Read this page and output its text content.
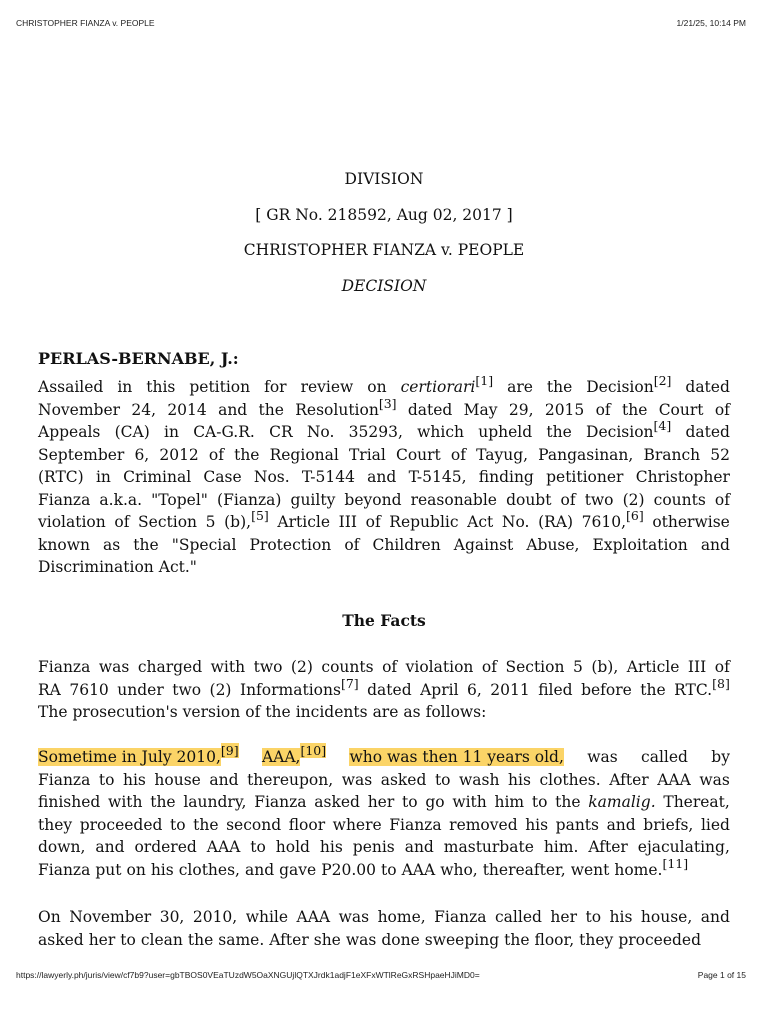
CHRISTOPHER FIANZA v. PEOPLE	1/21/25, 10:14 PM
DIVISION
[ GR No. 218592, Aug 02, 2017 ]
CHRISTOPHER FIANZA v. PEOPLE
DECISION
PERLAS-BERNABE, J.:
Assailed in this petition for review on certiorari[1] are the Decision[2] dated
November 24, 2014 and the Resolution[3] dated May 29, 2015 of the Court of
Appeals (CA) in CA-G.R. CR No. 35293, which upheld the Decision[4] dated
September 6, 2012 of the Regional Trial Court of Tayug, Pangasinan, Branch 52
(RTC) in Criminal Case Nos. T-5144 and T-5145, finding petitioner Christopher
Fianza a.k.a. "Topel" (Fianza) guilty beyond reasonable doubt of two (2) counts of
violation of Section 5 (b),[5] Article III of Republic Act No. (RA) 7610,[6] otherwise
known as the "Special Protection of Children Against Abuse, Exploitation and
Discrimination Act."
The Facts
Fianza was charged with two (2) counts of violation of Section 5 (b), Article III of
RA 7610 under two (2) Informations[7] dated April 6, 2011 filed before the RTC.[8]
The prosecution's version of the incidents are as follows:
Sometime in July 2010,[9] AAA,[10] who was then 11 years old, was called by
Fianza to his house and thereupon, was asked to wash his clothes. After AAA was
finished with the laundry, Fianza asked her to go with him to the kamalig. Thereat,
they proceeded to the second floor where Fianza removed his pants and briefs, lied
down, and ordered AAA to hold his penis and masturbate him. After ejaculating,
Fianza put on his clothes, and gave P20.00 to AAA who, thereafter, went home.[11]
On November 30, 2010, while AAA was home, Fianza called her to his house, and
asked her to clean the same. After she was done sweeping the floor, they proceeded
https://lawyerly.ph/juris/view/cf7b9?user=gbTBOS0VEaTUzdW5OaXNGUjlQTXJrdk1adjF1eXFxWTlReGxRSHpaeHJiMD0=	Page 1 of 15
